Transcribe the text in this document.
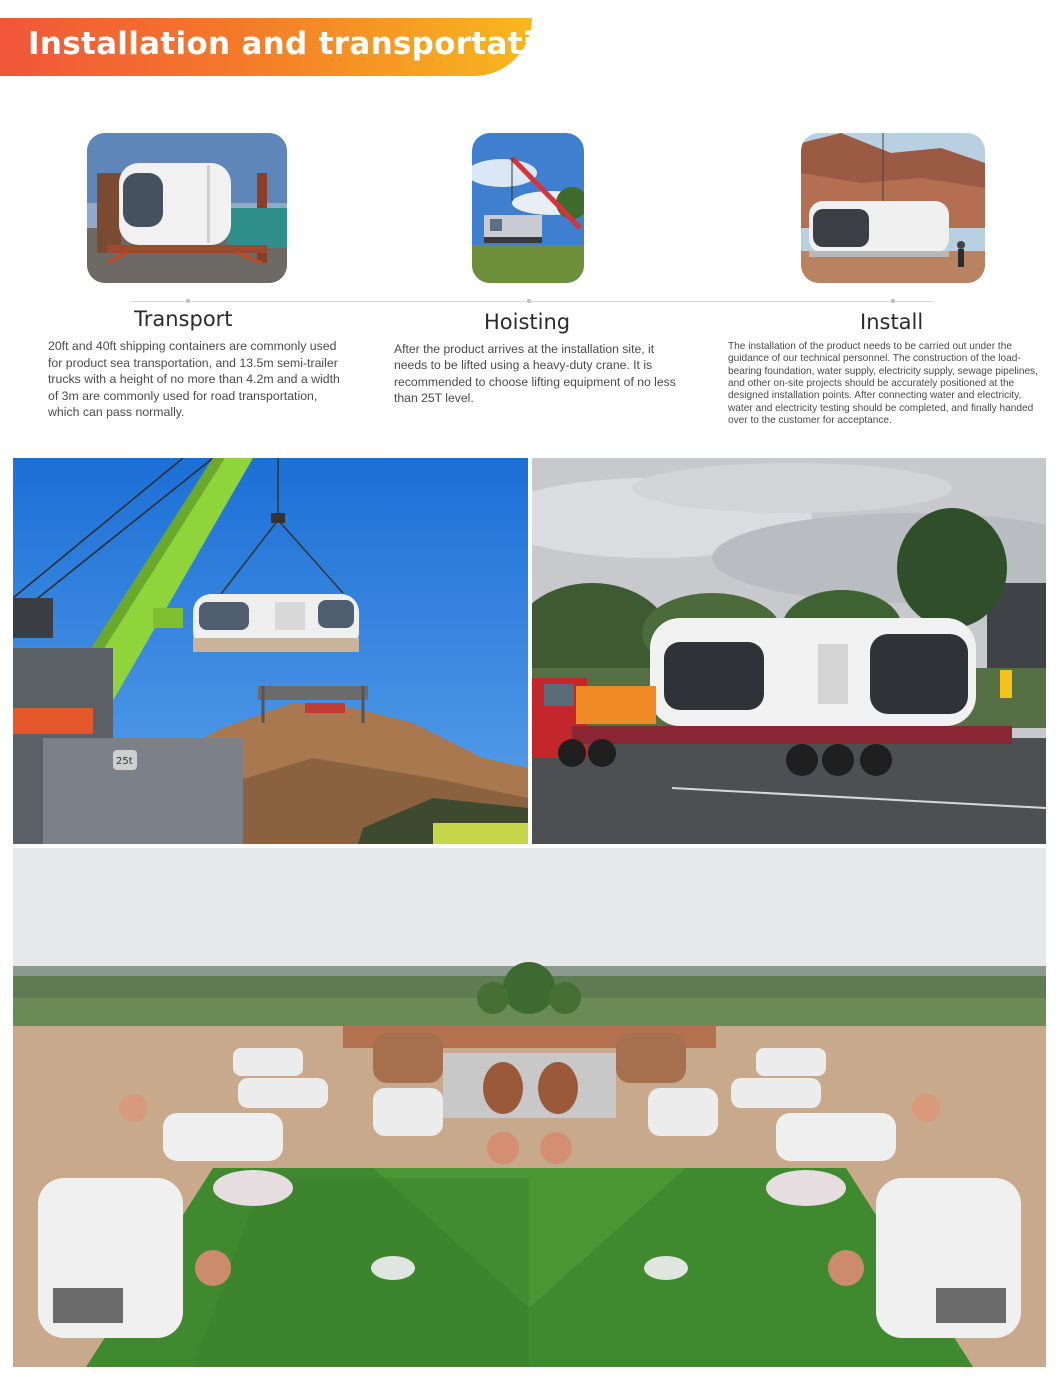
Installation and transportation
Transport
20ft and 40ft shipping containers are commonly used for product sea transportation, and 13.5m semi-trailer trucks with a height of no more than 4.2m and a width of 3m are commonly used for road transportation, which can pass normally.
Hoisting
After the product arrives at the installation site, it needs to be lifted using a heavy-duty crane. It is recommended to choose lifting equipment of no less than 25T level.
Install
The installation of the product needs to be carried out under the guidance of our technical personnel. The construction of the load-bearing foundation, water supply, electricity supply, sewage pipelines, and other on-site projects should be accurately positioned at the designed installation points. After connecting water and electricity, water and electricity testing should be completed, and finally handed over to the customer for acceptance.
25t
